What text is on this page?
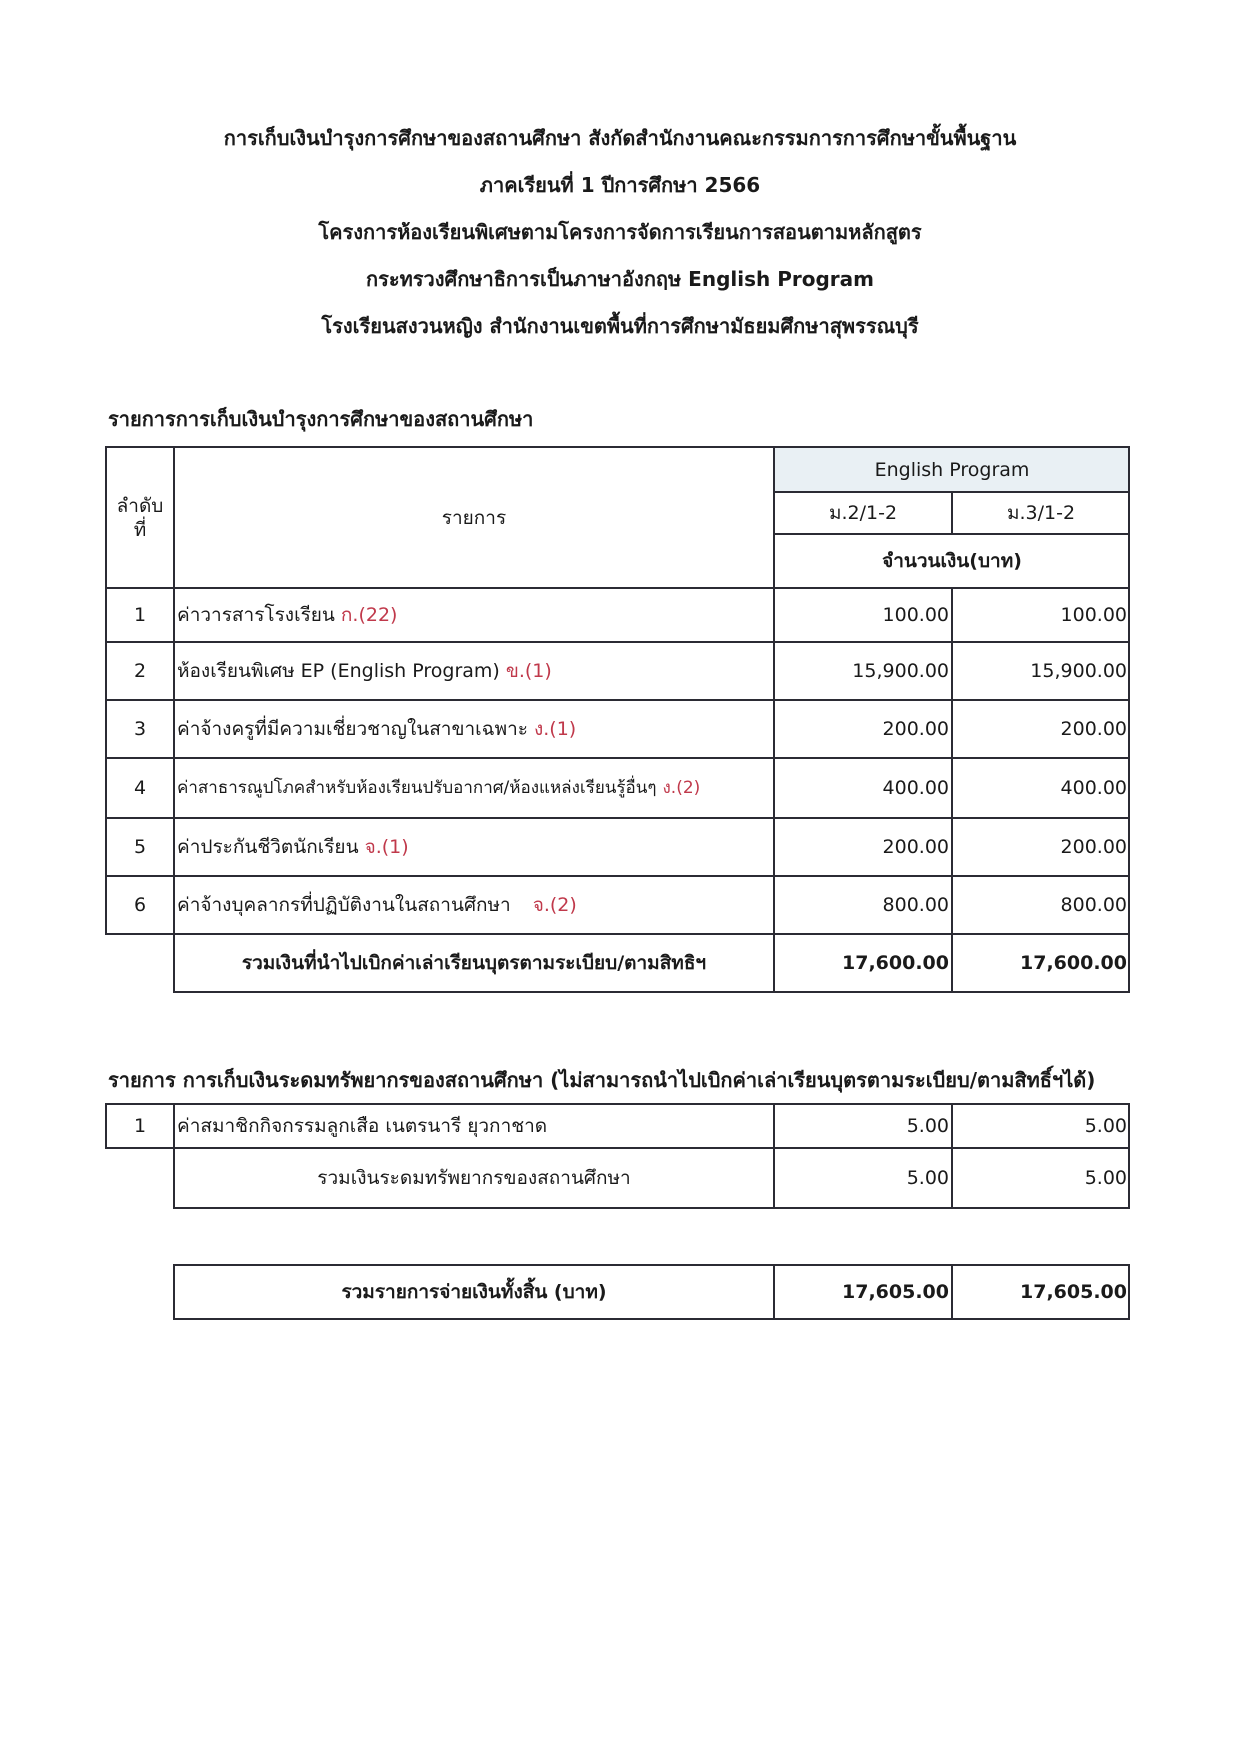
การเก็บเงินบำรุงการศึกษาของสถานศึกษา สังกัดสำนักงานคณะกรรมการการศึกษาขั้นพื้นฐาน
ภาคเรียนที่ 1 ปีการศึกษา 2566
โครงการห้องเรียนพิเศษตามโครงการจัดการเรียนการสอนตามหลักสูตร
กระทรวงศึกษาธิการเป็นภาษาอังกฤษ English Program
โรงเรียนสงวนหญิง สำนักงานเขตพื้นที่การศึกษามัธยมศึกษาสุพรรณบุรี
รายการการเก็บเงินบำรุงการศึกษาของสถานศึกษา
ลำดับ
ที่
รายการ
English Program
ม.2/1-2	ม.3/1-2
จำนวนเงิน(บาท)
1	ค่าวารสารโรงเรียน ก.(22)	100.00	100.00
2	ห้องเรียนพิเศษ EP (English Program) ข.(1)	15,900.00	15,900.00
3	ค่าจ้างครูที่มีความเชี่ยวชาญในสาขาเฉพาะ ง.(1)	200.00	200.00
4	ค่าสาธารณูปโภคสำหรับห้องเรียนปรับอากาศ/ห้องแหล่งเรียนรู้อื่นๆ ง.(2)	400.00	400.00
5	ค่าประกันชีวิตนักเรียน จ.(1)	200.00	200.00
6	ค่าจ้างบุคลากรที่ปฏิบัติงานในสถานศึกษา จ.(2)	800.00	800.00
รวมเงินที่นำไปเบิกค่าเล่าเรียนบุตรตามระเบียบ/ตามสิทธิฯ	17,600.00	17,600.00
รายการ การเก็บเงินระดมทรัพยากรของสถานศึกษา (ไม่สามารถนำไปเบิกค่าเล่าเรียนบุตรตามระเบียบ/ตามสิทธิ์ฯได้)
1	ค่าสมาชิกกิจกรรมลูกเสือ เนตรนารี ยุวกาชาด	5.00	5.00
รวมเงินระดมทรัพยากรของสถานศึกษา	5.00	5.00
รวมรายการจ่ายเงินทั้งสิ้น (บาท)	17,605.00	17,605.00
